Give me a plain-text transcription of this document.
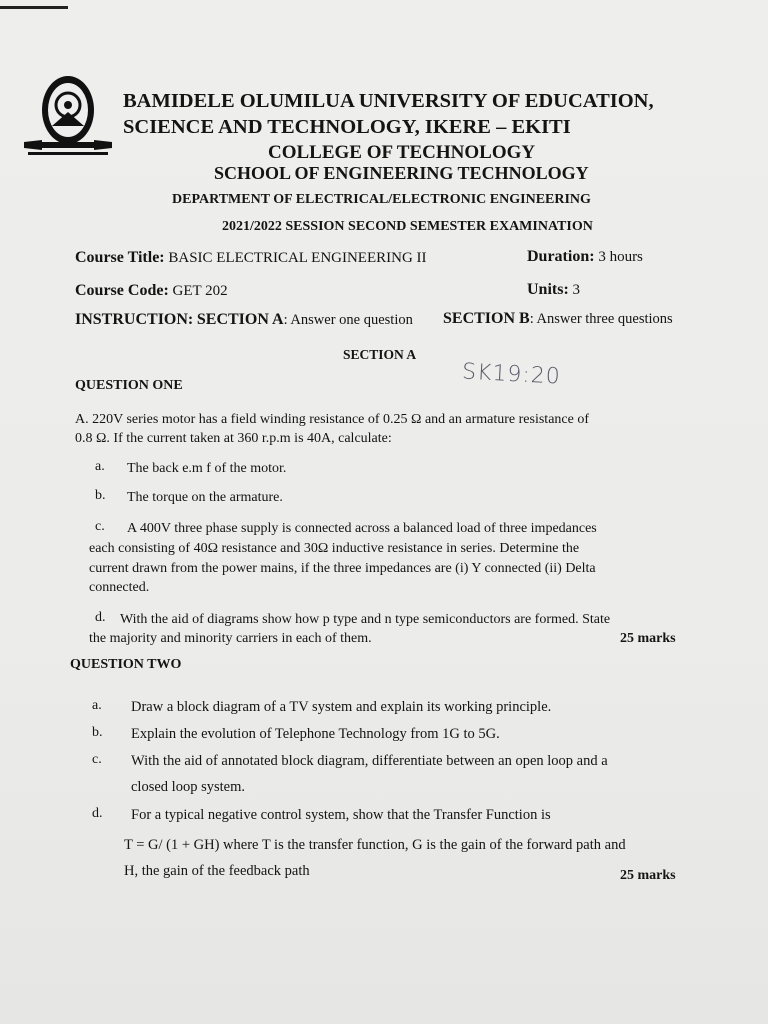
BAMIDELE OLUMILUA UNIVERSITY OF EDUCATION,
SCIENCE AND TECHNOLOGY, IKERE – EKITI
COLLEGE OF TECHNOLOGY
SCHOOL OF ENGINEERING TECHNOLOGY
DEPARTMENT OF ELECTRICAL/ELECTRONIC ENGINEERING
2021/2022 SESSION SECOND SEMESTER EXAMINATION
Course Title: BASIC ELECTRICAL ENGINEERING II	Duration: 3 hours
Course Code: GET 202	Units: 3
INSTRUCTION: SECTION A: Answer one question SECTION B: Answer three questions
SECTION A
SK19:20
QUESTION ONE
A. 220V series motor has a field winding resistance of 0.25 Ω and an armature resistance of
0.8 Ω. If the current taken at 360 r.p.m is 40A, calculate:
a. The back e.m f of the motor.
b. The torque on the armature.
c. A 400V three phase supply is connected across a balanced load of three impedances
each consisting of 40Ω resistance and 30Ω inductive resistance in series. Determine the
current drawn from the power mains, if the three impedances are (i) Y connected (ii) Delta
connected.
d. With the aid of diagrams show how p type and n type semiconductors are formed. State
the majority and minority carriers in each of them.	25 marks
QUESTION TWO
a. Draw a block diagram of a TV system and explain its working principle.
b. Explain the evolution of Telephone Technology from 1G to 5G.
c. With the aid of annotated block diagram, differentiate between an open loop and a
closed loop system.
d. For a typical negative control system, show that the Transfer Function is
T = G/ (1 + GH) where T is the transfer function, G is the gain of the forward path and
H, the gain of the feedback path	25 marks
